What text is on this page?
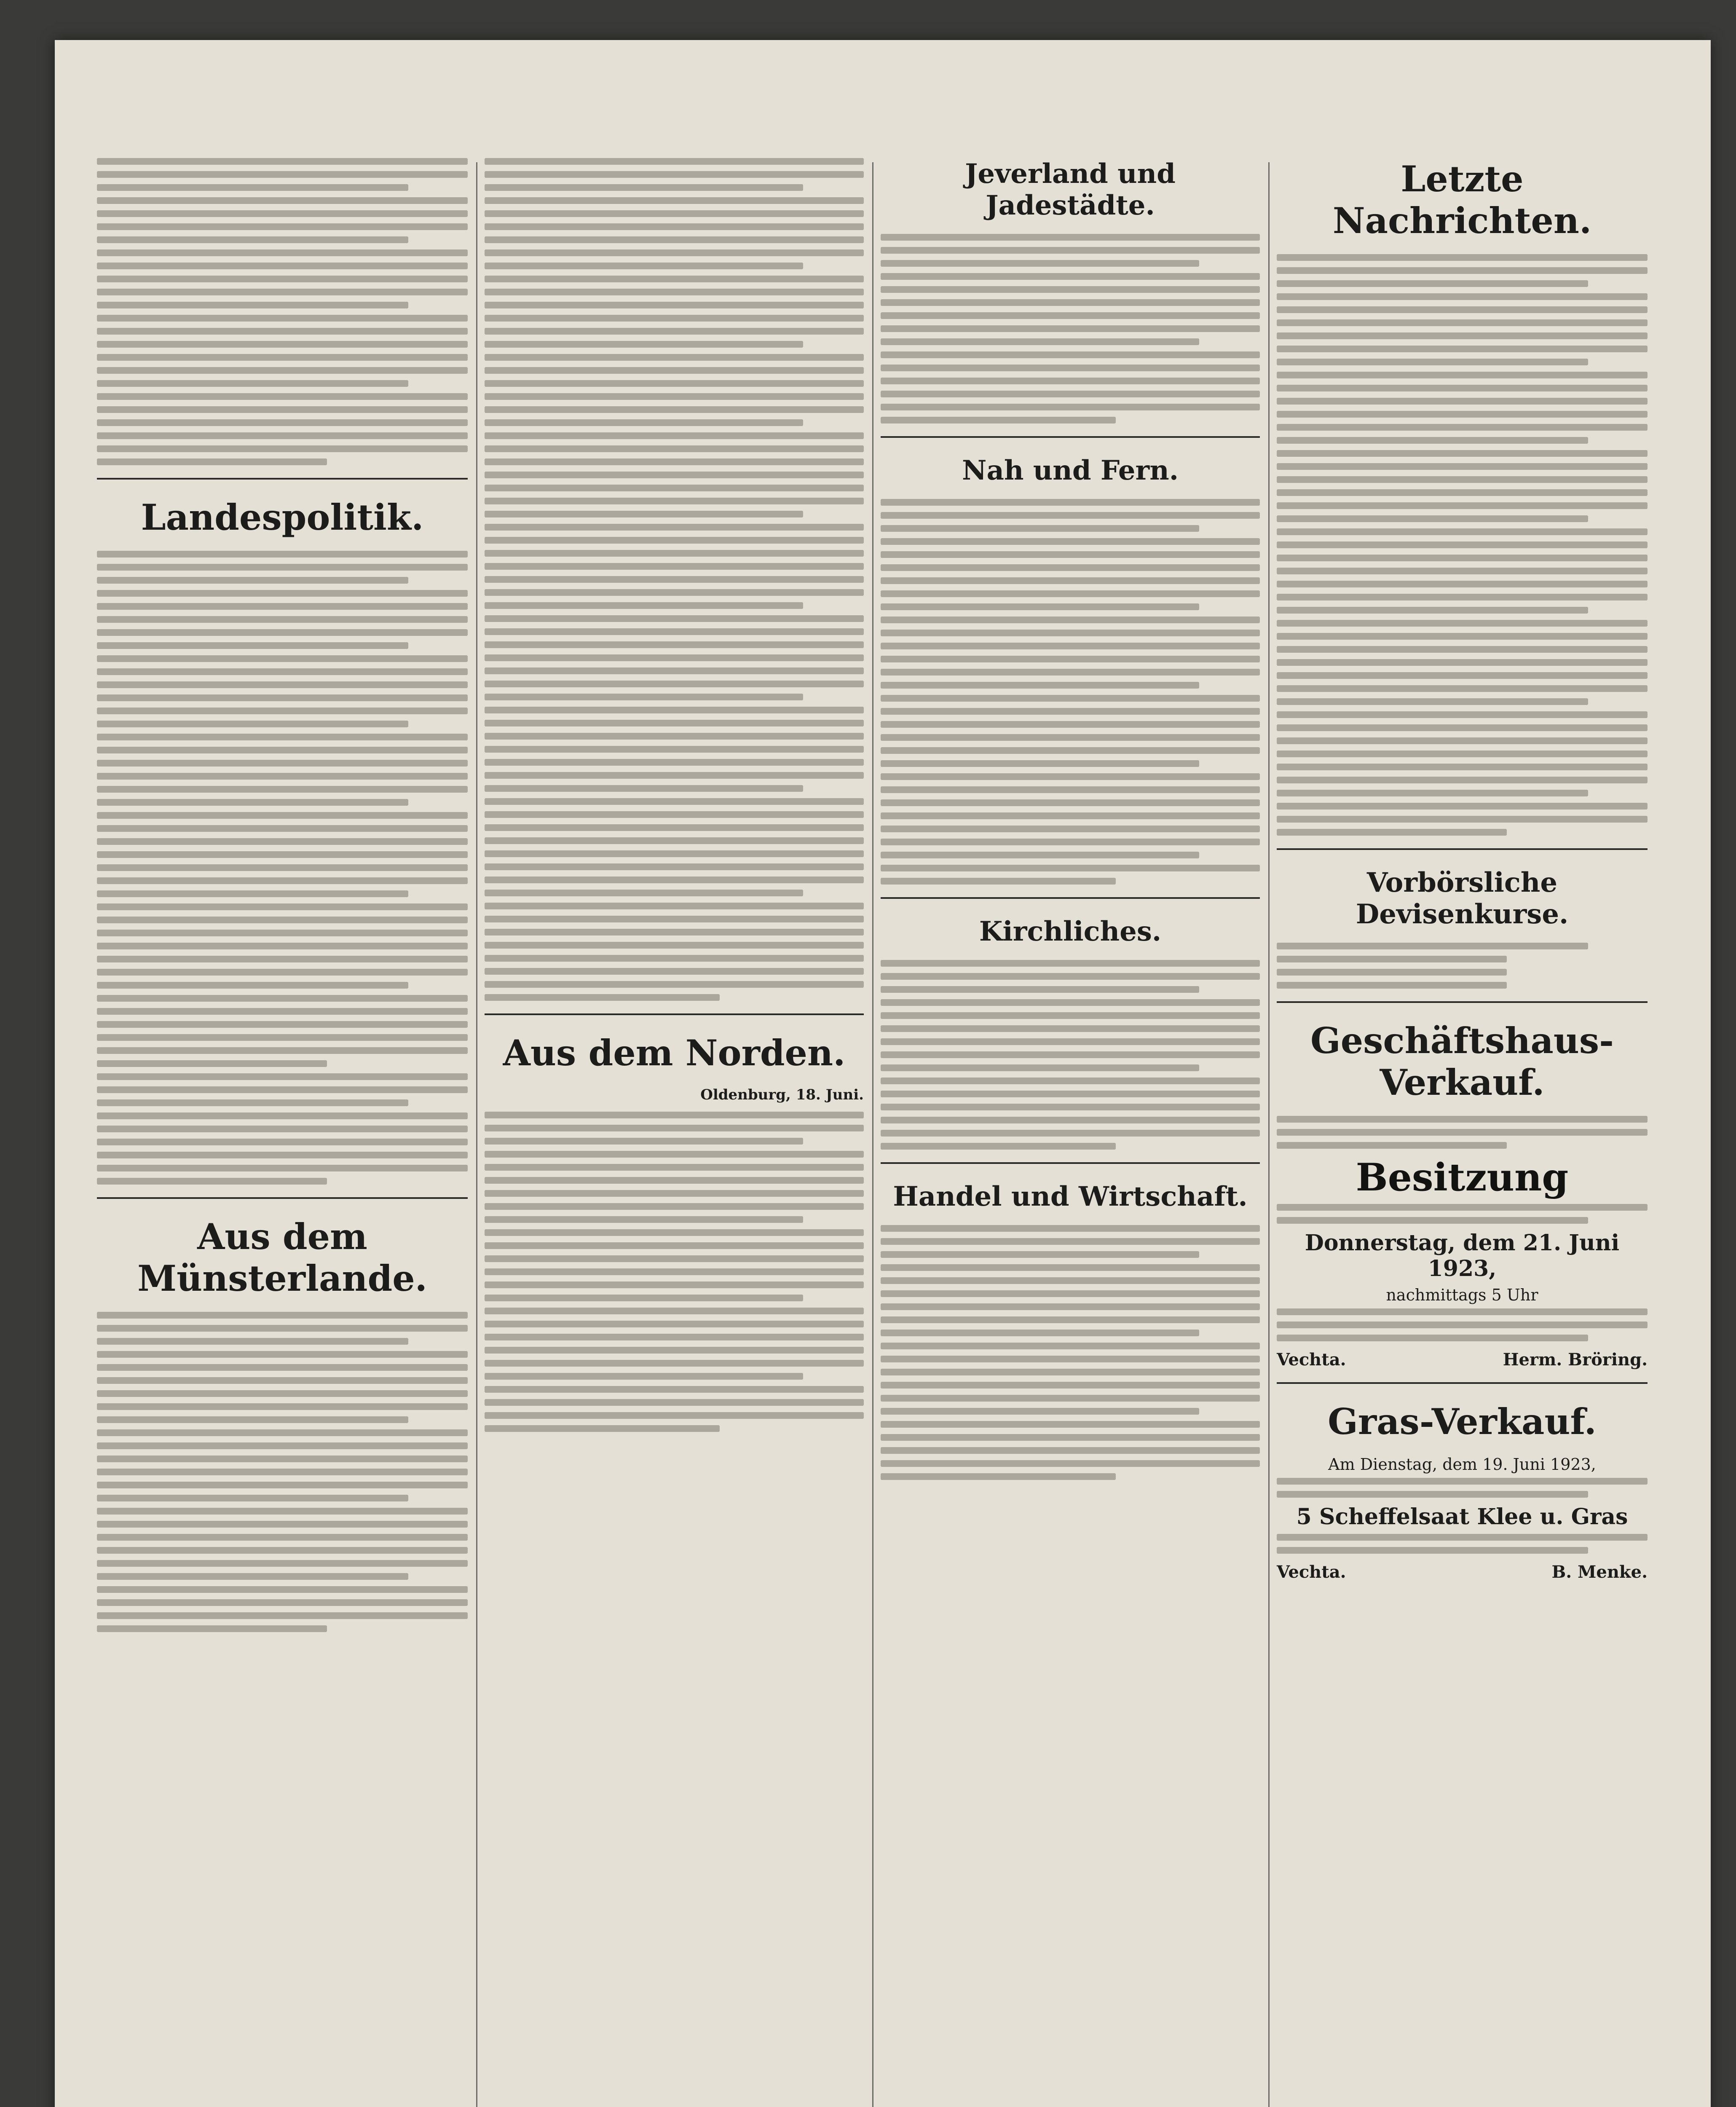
Landespolitik.
Aus dem Münsterlande.
Aus dem Norden.
Oldenburg, 18. Juni.
Jeverland und Jadestädte.
Nah und Fern.
Kirchliches.
Handel und Wirtschaft.
Letzte Nachrichten.
Vorbörsliche Devisenkurse.
Geschäftshaus-Verkauf.
Besitzung
Donnerstag, dem 21. Juni 1923,
nachmittags 5 Uhr
Vechta.	Herm. Bröring.
Gras-Verkauf.
Am Dienstag, dem 19. Juni 1923,
5 Scheffelsaat Klee u. Gras
Vechta.	B. Menke.
